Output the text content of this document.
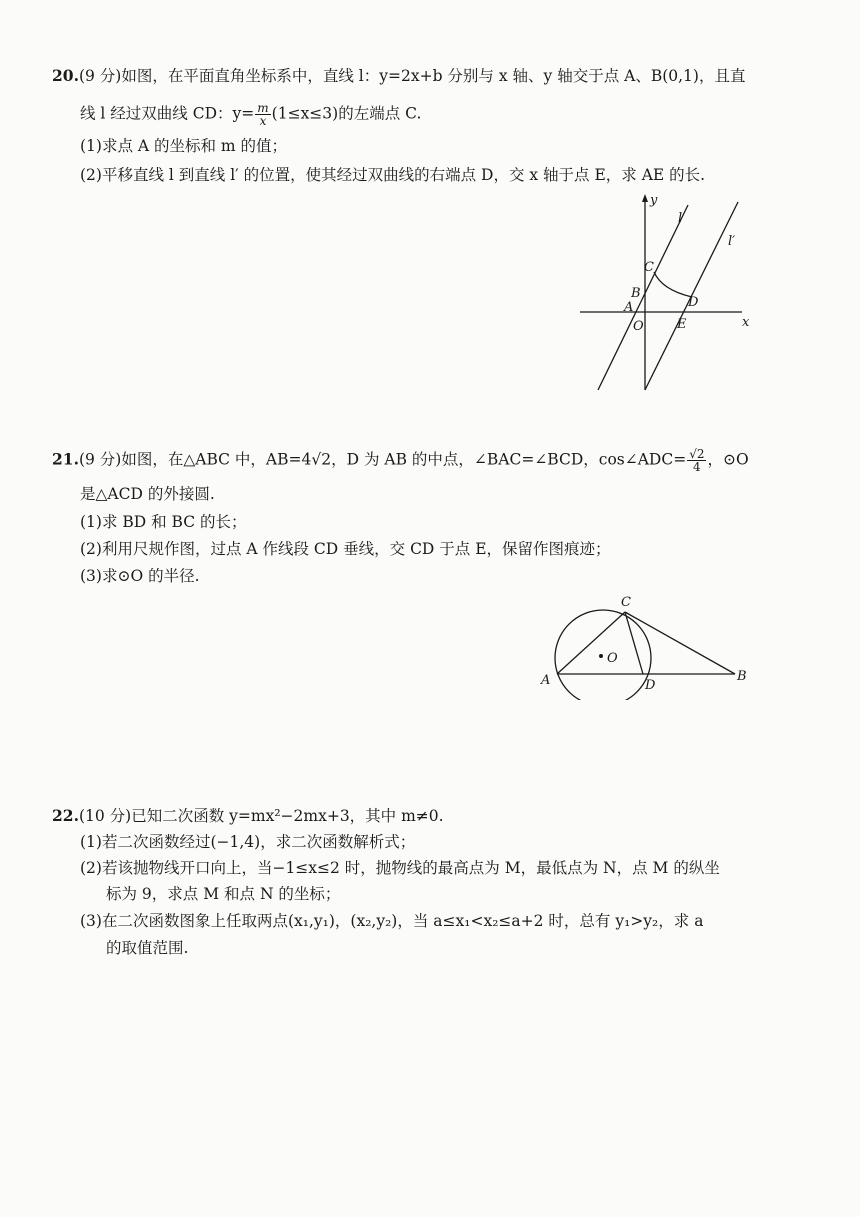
20.(9 分)如图，在平面直角坐标系中，直线 l：y=2x+b 分别与 x 轴、y 轴交于点 A、B(0,1)，且直
线 l 经过双曲线 CD：$y= \frac{m}{x} (1\le x\le 3)$的左端点 C.
(1)求点 A 的坐标和 m 的值；
(2)平移直线 l 到直线 l′ 的位置，使其经过双曲线的右端点 D，交 x 轴于点 E，求 AE 的长.
y
x
l
l′
C
B
A
O
D
E
21.(9 分)如图，在△ABC 中，AB=4√2，D 为 AB 的中点，∠BAC=∠BCD，cos∠ADC= $\frac{√2}{4}$ ，⊙O
是△ACD 的外接圆.
(1)求 BD 和 BC 的长；
(2)利用尺规作图，过点 A 作线段 CD 垂线，交 CD 于点 E，保留作图痕迹；
(3)求⊙O 的半径.
O
C
A	D
B
22.(10 分)已知二次函数 y=mx²−2mx+3，其中 m≠0.
(1)若二次函数经过(−1,4)，求二次函数解析式；
(2)若该抛物线开口向上，当−1≤x≤2 时，抛物线的最高点为 M，最低点为 N，点 M 的纵坐
标为 9，求点 M 和点 N 的坐标；
(3)在二次函数图象上任取两点(x₁,y₁)，(x₂,y₂)，当 a≤x₁<x₂≤a+2 时，总有 y₁>y₂，求 a
的取值范围.
